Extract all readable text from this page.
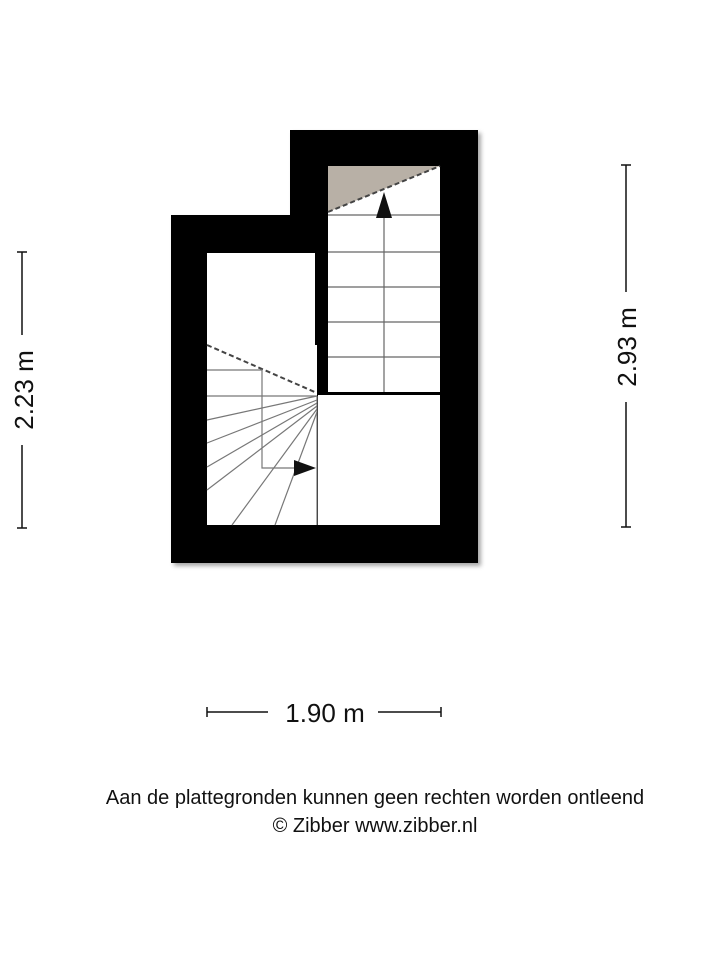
2.23 m
2.93 m
1.90 m
Aan de plattegronden kunnen geen rechten worden ontleend
© Zibber www.zibber.nl
